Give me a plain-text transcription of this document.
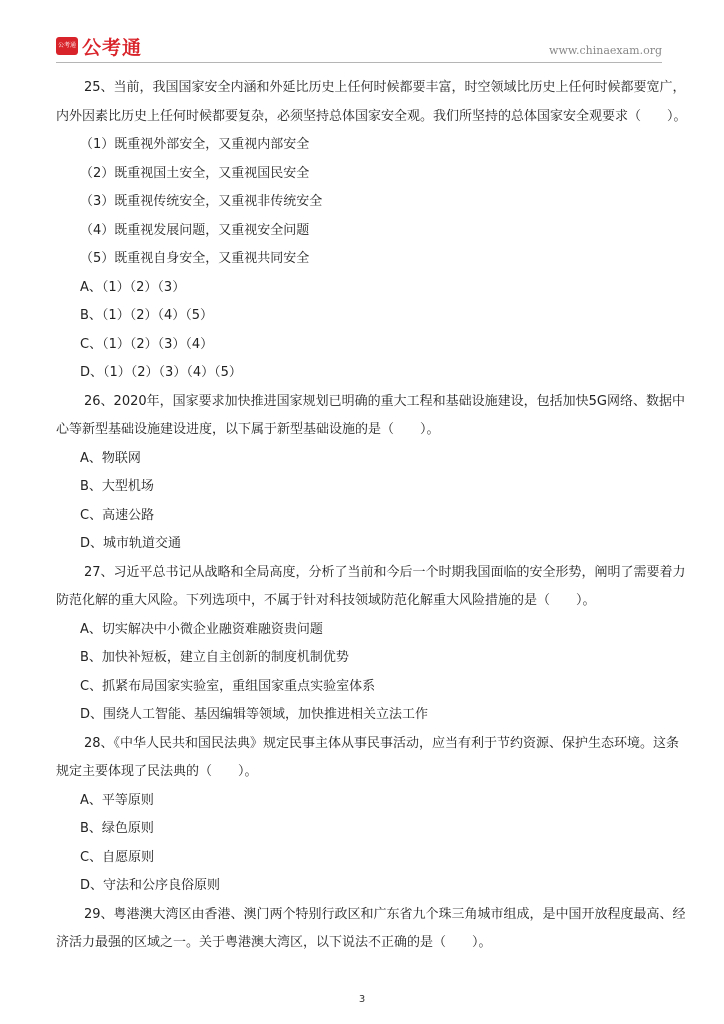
公考通 公考通	www.chinaexam.org
25、当前，我国国家安全内涵和外延比历史上任何时候都要丰富，时空领域比历史上任何时候都要宽广，
内外因素比历史上任何时候都要复杂，必须坚持总体国家安全观。我们所坚持的总体国家安全观要求（　　）。
（1）既重视外部安全，又重视内部安全
（2）既重视国土安全，又重视国民安全
（3）既重视传统安全，又重视非传统安全
（4）既重视发展问题，又重视安全问题
（5）既重视自身安全，又重视共同安全
A、（1）（2）（3）
B、（1）（2）（4）（5）
C、（1）（2）（3）（4）
D、（1）（2）（3）（4）（5）
26、2020年，国家要求加快推进国家规划已明确的重大工程和基础设施建设，包括加快5G网络、数据中
心等新型基础设施建设进度，以下属于新型基础设施的是（　　）。
A、物联网
B、大型机场
C、高速公路
D、城市轨道交通
27、习近平总书记从战略和全局高度，分析了当前和今后一个时期我国面临的安全形势，阐明了需要着力
防范化解的重大风险。下列选项中，不属于针对科技领域防范化解重大风险措施的是（　　）。
A、切实解决中小微企业融资难融资贵问题
B、加快补短板，建立自主创新的制度机制优势
C、抓紧布局国家实验室，重组国家重点实验室体系
D、围绕人工智能、基因编辑等领域，加快推进相关立法工作
28、《中华人民共和国民法典》规定民事主体从事民事活动，应当有利于节约资源、保护生态环境。这条
规定主要体现了民法典的（　　）。
A、平等原则
B、绿色原则
C、自愿原则
D、守法和公序良俗原则
29、粤港澳大湾区由香港、澳门两个特别行政区和广东省九个珠三角城市组成，是中国开放程度最高、经
济活力最强的区域之一。关于粤港澳大湾区，以下说法不正确的是（　　）。
3
